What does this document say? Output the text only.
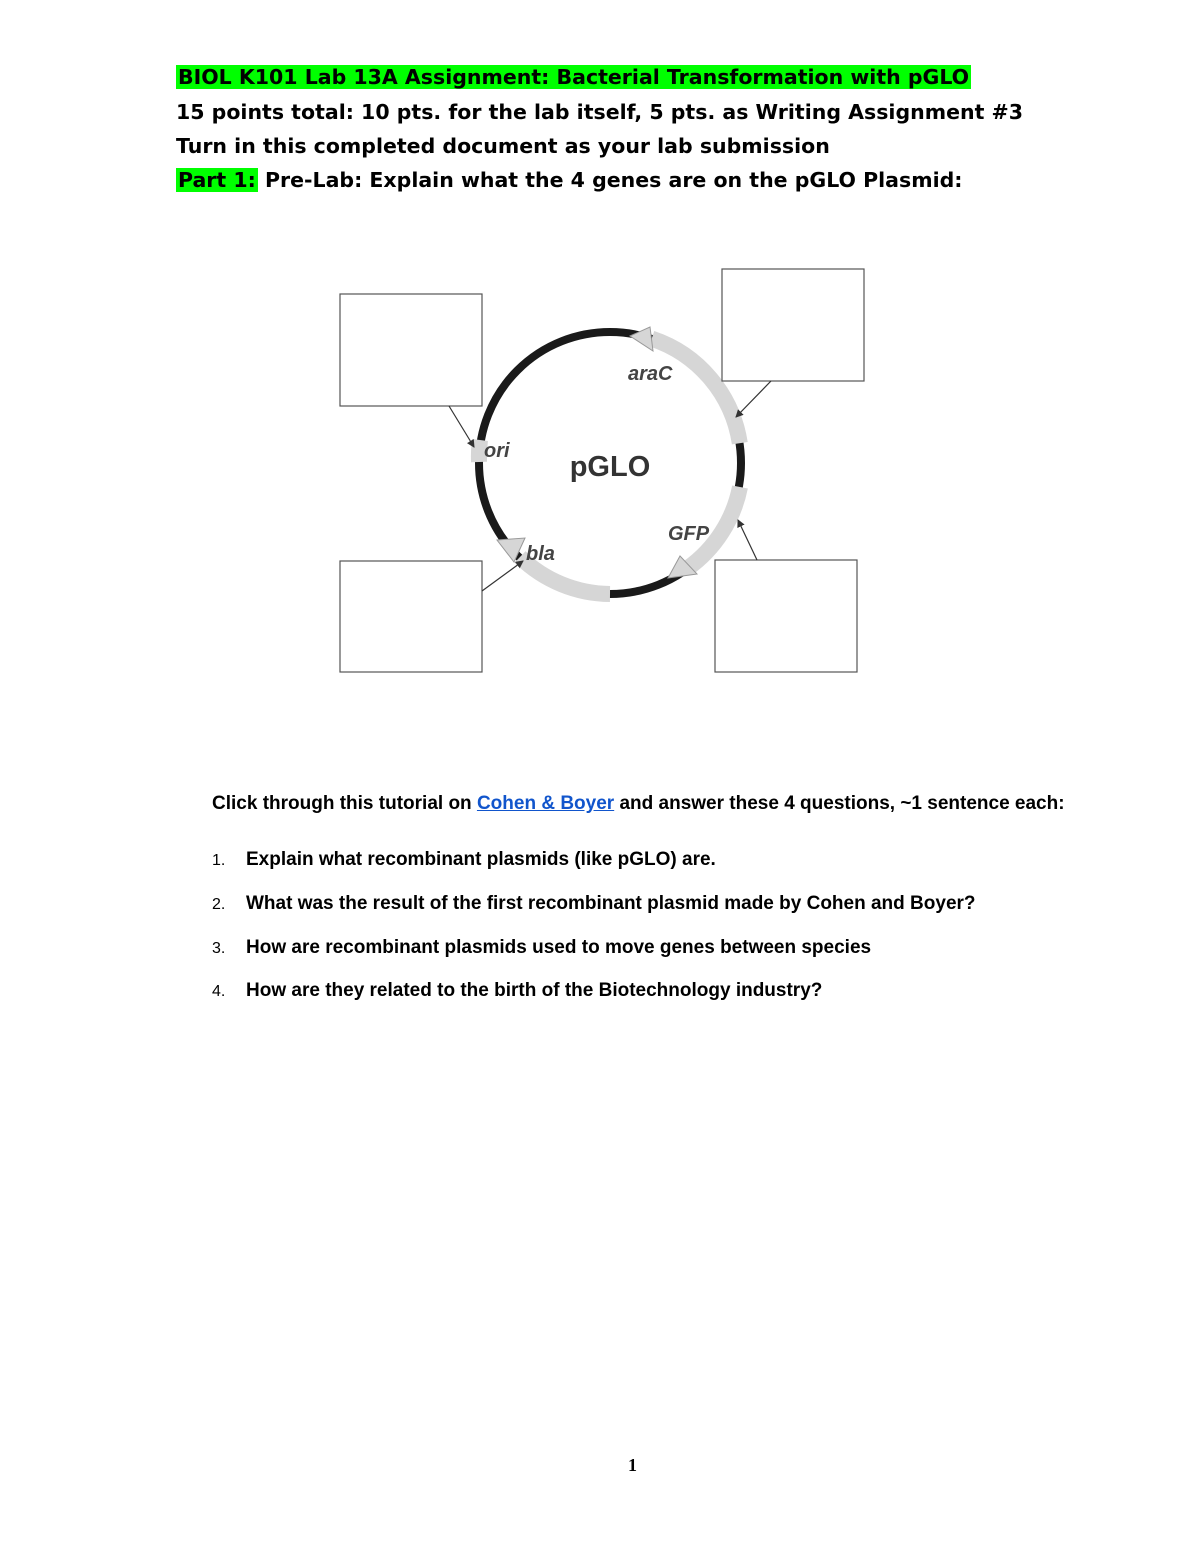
BIOL K101 Lab 13A Assignment: Bacterial Transformation with pGLO
15 points total: 10 pts. for the lab itself, 5 pts. as Writing Assignment #3
Turn in this completed document as your lab submission
Part 1: Pre-Lab: Explain what the 4 genes are on the pGLO Plasmid:
pGLO
araC
ori
GFP
bla
Click through this tutorial on Cohen & Boyer and answer these 4 questions, ~1 sentence each:
1. Explain what recombinant plasmids (like pGLO) are.
2. What was the result of the first recombinant plasmid made by Cohen and Boyer?
3. How are recombinant plasmids used to move genes between species
4. How are they related to the birth of the Biotechnology industry?
1
